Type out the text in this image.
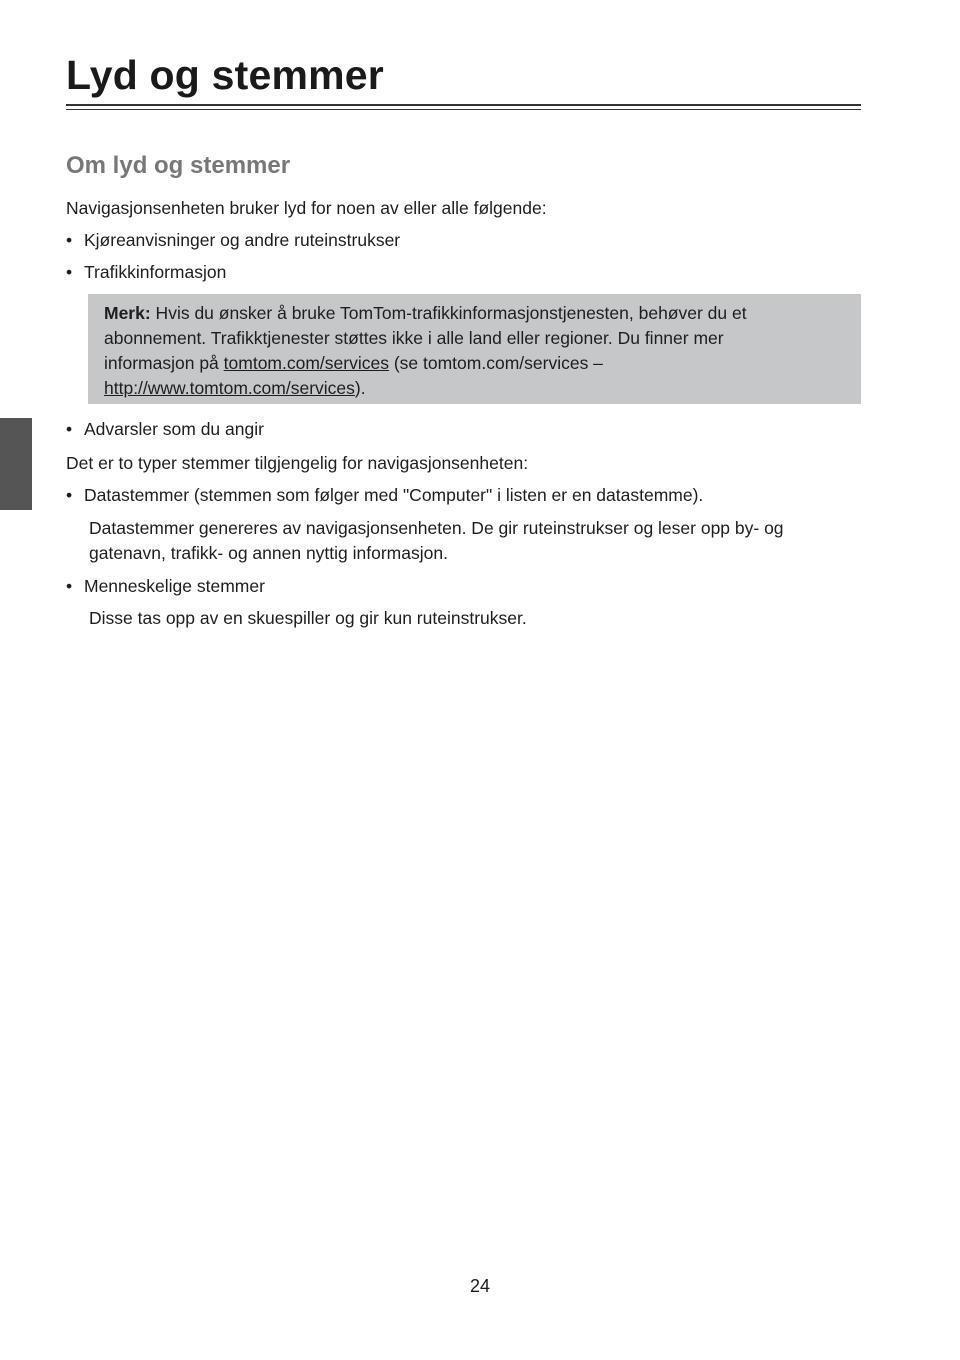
Lyd og stemmer
Om lyd og stemmer

Navigasjonsenheten bruker lyd for noen av eller alle følgende:

• Kjøreanvisninger og andre ruteinstrukser
• Trafikkinformasjon
Merk: Hvis du ønsker å bruke TomTom-trafikkinformasjonstjenesten, behøver du et
abonnement. Trafikktjenester støttes ikke i alle land eller regioner. Du finner mer
informasjon på tomtom.com/services (se tomtom.com/services –
http://www.tomtom.com/services).
• Advarsler som du angir

Det er to typer stemmer tilgjengelig for navigasjonsenheten:

• Datastemmer (stemmen som følger med "Computer" i listen er en datastemme).

Datastemmer genereres av navigasjonsenheten. De gir ruteinstrukser og leser opp by- og

gatenavn, trafikk- og annen nyttig informasjon.

• Menneskelige stemmer

Disse tas opp av en skuespiller og gir kun ruteinstrukser.

24
